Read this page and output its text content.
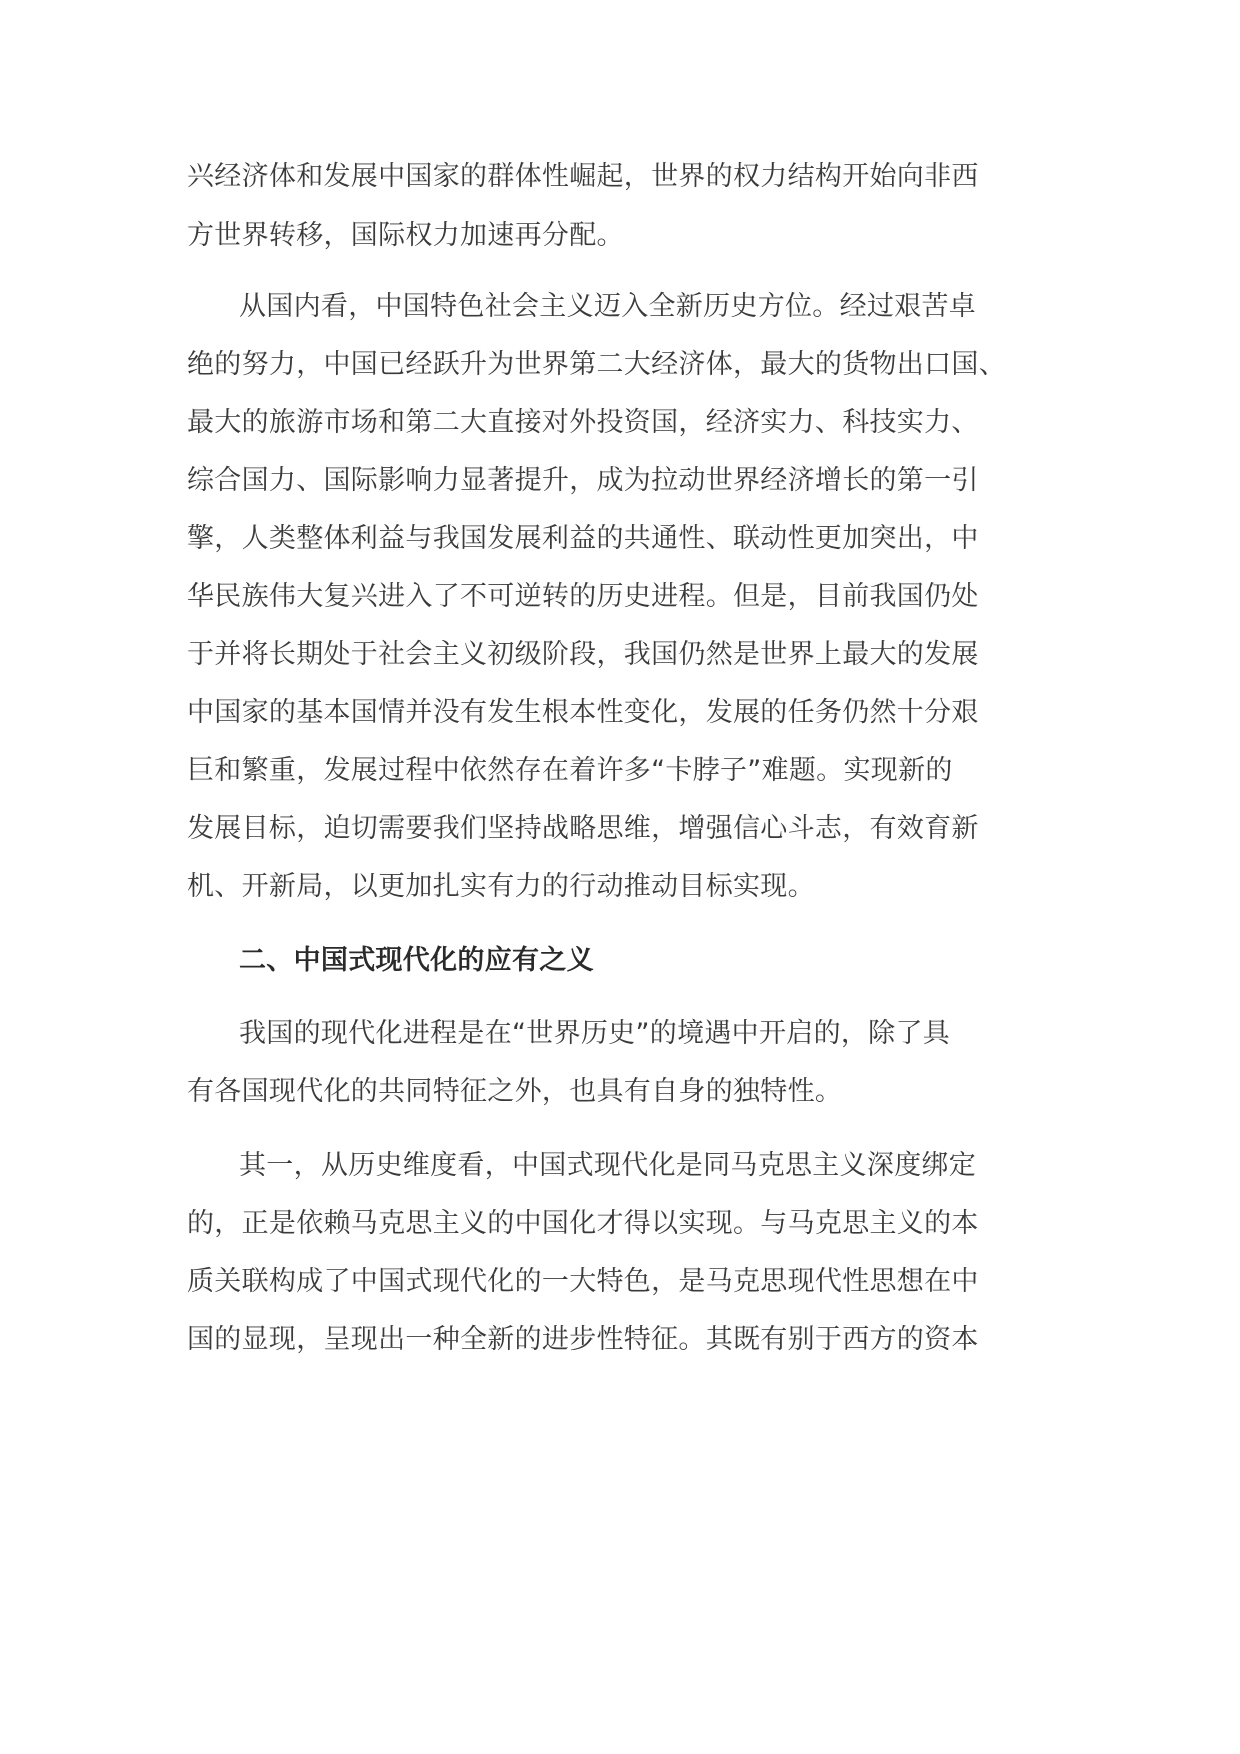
兴经济体和发展中国家的群体性崛起，世界的权力结构开始向非西
方世界转移，国际权力加速再分配。
从国内看，中国特色社会主义迈入全新历史方位。经过艰苦卓
绝的努力，中国已经跃升为世界第二大经济体，最大的货物出口国、
最大的旅游市场和第二大直接对外投资国，经济实力、科技实力、
综合国力、国际影响力显著提升，成为拉动世界经济增长的第一引
擎，人类整体利益与我国发展利益的共通性、联动性更加突出，中
华民族伟大复兴进入了不可逆转的历史进程。但是，目前我国仍处
于并将长期处于社会主义初级阶段，我国仍然是世界上最大的发展
中国家的基本国情并没有发生根本性变化，发展的任务仍然十分艰
巨和繁重，发展过程中依然存在着许多“卡脖子”难题。实现新的
发展目标，迫切需要我们坚持战略思维，增强信心斗志，有效育新
机、开新局，以更加扎实有力的行动推动目标实现。
二、中国式现代化的应有之义
我国的现代化进程是在“世界历史”的境遇中开启的，除了具
有各国现代化的共同特征之外，也具有自身的独特性。
其一，从历史维度看，中国式现代化是同马克思主义深度绑定
的，正是依赖马克思主义的中国化才得以实现。与马克思主义的本
质关联构成了中国式现代化的一大特色，是马克思现代性思想在中
国的显现，呈现出一种全新的进步性特征。其既有别于西方的资本
